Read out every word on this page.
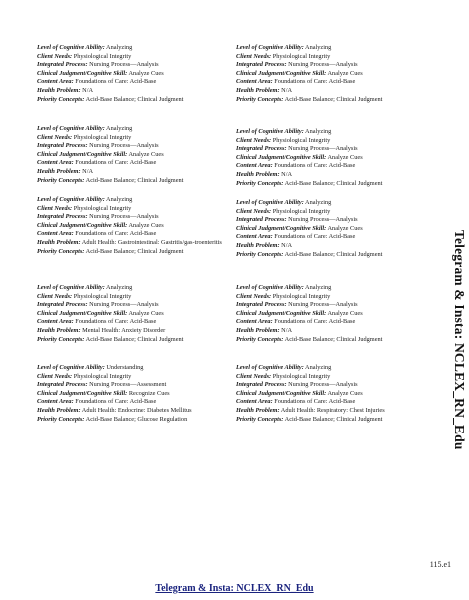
Level of Cognitive Ability: Analyzing
Client Needs: Physiological Integrity
Integrated Process: Nursing Process—Analysis
Clinical Judgment/Cognitive Skill: Analyze Cues
Content Area: Foundations of Care: Acid-Base
Health Problem: N/A
Priority Concepts: Acid-Base Balance; Clinical Judgment
Level of Cognitive Ability: Analyzing
Client Needs: Physiological Integrity
Integrated Process: Nursing Process—Analysis
Clinical Judgment/Cognitive Skill: Analyze Cues
Content Area: Foundations of Care: Acid-Base
Health Problem: N/A
Priority Concepts: Acid-Base Balance; Clinical Judgment
Level of Cognitive Ability: Analyzing
Client Needs: Physiological Integrity
Integrated Process: Nursing Process—Analysis
Clinical Judgment/Cognitive Skill: Analyze Cues
Content Area: Foundations of Care: Acid-Base
Health Problem: N/A
Priority Concepts: Acid-Base Balance; Clinical Judgment
Level of Cognitive Ability: Analyzing
Client Needs: Physiological Integrity
Integrated Process: Nursing Process—Analysis
Clinical Judgment/Cognitive Skill: Analyze Cues
Content Area: Foundations of Care: Acid-Base
Health Problem: N/A
Priority Concepts: Acid-Base Balance; Clinical Judgment
Level of Cognitive Ability: Analyzing
Client Needs: Physiological Integrity
Integrated Process: Nursing Process—Analysis
Clinical Judgment/Cognitive Skill: Analyze Cues
Content Area: Foundations of Care: Acid-Base
Health Problem: Adult Health: Gastrointestinal: Gastritis/gas-troenteritis
Priority Concepts: Acid-Base Balance; Clinical Judgment
Level of Cognitive Ability: Analyzing
Client Needs: Physiological Integrity
Integrated Process: Nursing Process—Analysis
Clinical Judgment/Cognitive Skill: Analyze Cues
Content Area: Foundations of Care: Acid-Base
Health Problem: N/A
Priority Concepts: Acid-Base Balance; Clinical Judgment
Level of Cognitive Ability: Analyzing
Client Needs: Physiological Integrity
Integrated Process: Nursing Process—Analysis
Clinical Judgment/Cognitive Skill: Analyze Cues
Content Area: Foundations of Care: Acid-Base
Health Problem: Mental Health: Anxiety Disorder
Priority Concepts: Acid-Base Balance; Clinical Judgment
Level of Cognitive Ability: Analyzing
Client Needs: Physiological Integrity
Integrated Process: Nursing Process—Analysis
Clinical Judgment/Cognitive Skill: Analyze Cues
Content Area: Foundations of Care: Acid-Base
Health Problem: N/A
Priority Concepts: Acid-Base Balance; Clinical Judgment
Level of Cognitive Ability: Understanding
Client Needs: Physiological Integrity
Integrated Process: Nursing Process—Assessment
Clinical Judgment/Cognitive Skill: Recognize Cues
Content Area: Foundations of Care: Acid-Base
Health Problem: Adult Health: Endocrine: Diabetes Mellitus
Priority Concepts: Acid-Base Balance; Glucose Regulation
Level of Cognitive Ability: Analyzing
Client Needs: Physiological Integrity
Integrated Process: Nursing Process—Analysis
Clinical Judgment/Cognitive Skill: Analyze Cues
Content Area: Foundations of Care: Acid-Base
Health Problem: Adult Health: Respiratory: Chest Injuries
Priority Concepts: Acid-Base Balance; Clinical Judgment	Telegram & Insta: NCLEX_RN_Edu
115.e1
Telegram & Insta: NCLEX_RN_Edu
